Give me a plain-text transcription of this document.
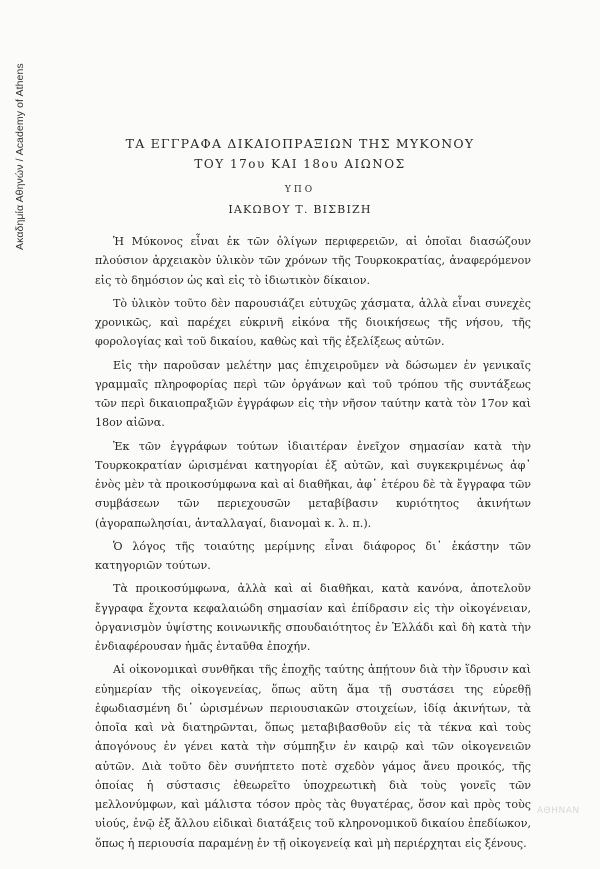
Ακαδημία Αθηνών / Academy of Athens	ΤΑ ΕΓΓΡΑΦΑ ΔΙΚΑΙΟΠΡΑΞΙΩΝ ΤΗΣ ΜΥΚΟΝΟΥ
ΤΟΥ 17ου ΚΑΙ 18ου ΑΙΩΝΟΣ
ΥΠΟ
ΙΑΚΩΒΟΥ Τ. ΒΙΣΒΙΖΗ

Ἡ Μύκονος εἶναι ἐκ τῶν ὀλίγων περιφερειῶν, αἱ ὁποῖαι διασώζουν πλούσιον ἀρχειακὸν ὑλικὸν τῶν χρόνων τῆς Τουρκοκρατίας, ἀναφερόμενον εἰς τὸ δημόσιον ὡς καὶ εἰς τὸ ἰδιωτικὸν δίκαιον.

Τὸ ὑλικὸν τοῦτο δὲν παρουσιάζει εὐτυχῶς χάσματα, ἀλλὰ εἶναι συνεχὲς χρονικῶς, καὶ παρέχει εὐκρινῆ εἰκόνα τῆς διοικήσεως τῆς νήσου, τῆς φορολογίας καὶ τοῦ δικαίου, καθὼς καὶ τῆς ἐξελίξεως αὐτῶν.

Εἰς τὴν παροῦσαν μελέτην μας ἐπιχειροῦμεν νὰ δώσωμεν ἐν γενικαῖς γραμμαῖς πληροφορίας περὶ τῶν ὀργάνων καὶ τοῦ τρόπου τῆς συντάξεως τῶν περὶ δικαιοπραξιῶν ἐγγράφων εἰς τὴν νῆσον ταύτην κατὰ τὸν 17ον καὶ 18ον αἰῶνα.

Ἐκ τῶν ἐγγράφων τούτων ἰδιαιτέραν ἐνεῖχον σημασίαν κατὰ τὴν Τουρκοκρατίαν ὡρισμέναι κατηγορίαι ἐξ αὐτῶν, καὶ συγκεκριμένως ἀφ᾿ ἑνὸς μὲν τὰ προικοσύμφωνα καὶ αἱ διαθῆκαι, ἀφ᾿ ἑτέρου δὲ τὰ ἔγγραφα τῶν συμβάσεων τῶν περιεχουσῶν μεταβίβασιν κυριότητος ἀκινήτων (ἀγοραπωλησίαι, ἀνταλλαγαί, διανομαὶ κ. λ. π.).

Ὁ λόγος τῆς τοιαύτης μερίμνης εἶναι διάφορος δι᾿ ἑκάστην τῶν κατηγοριῶν τούτων.

Τὰ προικοσύμφωνα, ἀλλὰ καὶ αἱ διαθῆκαι, κατὰ κανόνα, ἀποτελοῦν ἔγγραφα ἔχοντα κεφαλαιώδη σημασίαν καὶ ἐπίδρασιν εἰς τὴν οἰκογένειαν, ὀργανισμὸν ὑψίστης κοινωνικῆς σπουδαιότητος ἐν Ἑλλάδι καὶ δὴ κατὰ τὴν ἐνδιαφέρουσαν ἡμᾶς ἐνταῦθα ἐποχήν.

Αἱ οἰκονομικαὶ συνθῆκαι τῆς ἐποχῆς ταύτης ἀπῄτουν διὰ τὴν ἵδρυσιν καὶ εὐημερίαν τῆς οἰκογενείας, ὅπως αὕτη ἅμα τῇ συστάσει της εὑρεθῇ ἐφωδιασμένη δι᾿ ὡρισμένων περιουσιακῶν στοιχείων, ἰδίᾳ ἀκινήτων, τὰ ὁποῖα καὶ νὰ διατηρῶνται, ὅπως μεταβιβασθοῦν εἰς τὰ τέκνα καὶ τοὺς ἀπογόνους ἐν γένει κατὰ τὴν σύμπηξιν ἐν καιρῷ καὶ τῶν οἰκογενειῶν αὐτῶν. Διὰ τοῦτο δὲν συνήπτετο ποτὲ σχεδὸν γάμος ἄνευ προικός, τῆς ὁποίας ἡ σύστασις ἐθεωρεῖτο ὑποχρεωτικὴ διὰ τοὺς γονεῖς τῶν μελλονύμφων, καὶ μάλιστα τόσον πρὸς τὰς θυγατέρας, ὅσον καὶ πρὸς τοὺς υἱούς, ἐνῷ ἐξ ἄλλου εἰδικαὶ διατάξεις τοῦ κληρονομικοῦ δικαίου ἐπεδίωκον, ὅπως ἡ περιουσία παραμένῃ ἐν τῇ οἰκογενείᾳ καὶ μὴ περιέρχηται εἰς ξένους.

ΑΘΗΝΑΝ
